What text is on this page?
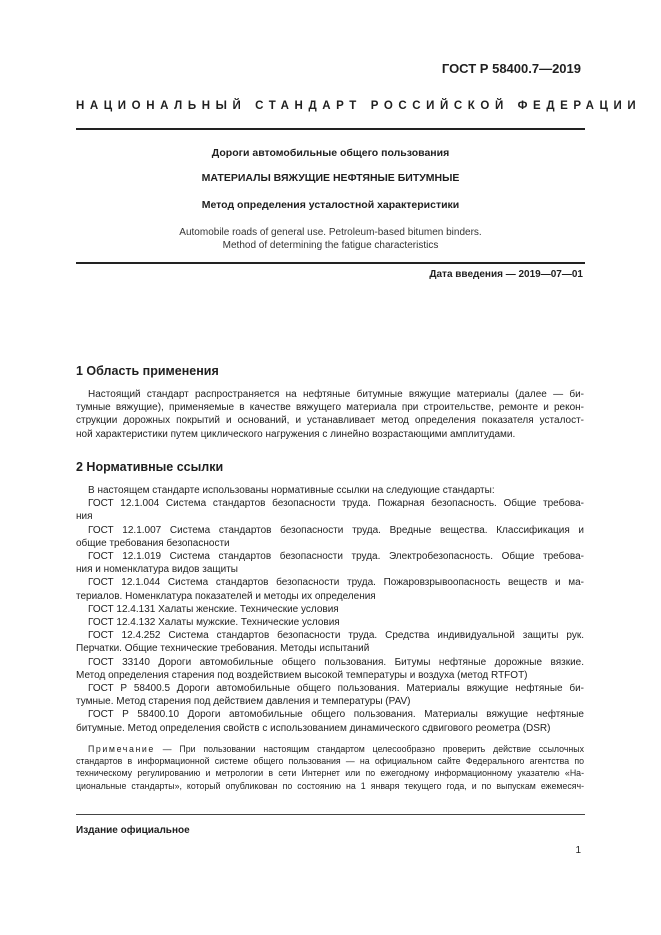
ГОСТ Р 58400.7—2019
НАЦИОНАЛЬНЫЙ СТАНДАРТ РОССИЙСКОЙ ФЕДЕРАЦИИ
Дороги автомобильные общего пользования
МАТЕРИАЛЫ ВЯЖУЩИЕ НЕФТЯНЫЕ БИТУМНЫЕ
Метод определения усталостной характеристики
Automobile roads of general use. Petroleum-based bitumen binders.
Method of determining the fatigue characteristics
Дата введения — 2019—07—01
1 Область применения
Настоящий стандарт распространяется на нефтяные битумные вяжущие материалы (далее — би-
тумные вяжущие), применяемые в качестве вяжущего материала при строительстве, ремонте и рекон-
струкции дорожных покрытий и оснований, и устанавливает метод определения показателя усталост-
ной характеристики путем циклического нагружения с линейно возрастающими амплитудами.
2 Нормативные ссылки
В настоящем стандарте использованы нормативные ссылки на следующие стандарты:
ГОСТ 12.1.004 Система стандартов безопасности труда. Пожарная безопасность. Общие требова-
ния
ГОСТ 12.1.007 Система стандартов безопасности труда. Вредные вещества. Классификация и
общие требования безопасности
ГОСТ 12.1.019 Система стандартов безопасности труда. Электробезопасность. Общие требова-
ния и номенклатура видов защиты
ГОСТ 12.1.044 Система стандартов безопасности труда. Пожаровзрывоопасность веществ и ма-
териалов. Номенклатура показателей и методы их определения
ГОСТ 12.4.131 Халаты женские. Технические условия
ГОСТ 12.4.132 Халаты мужские. Технические условия
ГОСТ 12.4.252 Система стандартов безопасности труда. Средства индивидуальной защиты рук.
Перчатки. Общие технические требования. Методы испытаний
ГОСТ 33140 Дороги автомобильные общего пользования. Битумы нефтяные дорожные вязкие.
Метод определения старения под воздействием высокой температуры и воздуха (метод RTFOT)
ГОСТ Р 58400.5 Дороги автомобильные общего пользования. Материалы вяжущие нефтяные би-
тумные. Метод старения под действием давления и температуры (PAV)
ГОСТ Р 58400.10 Дороги автомобильные общего пользования. Материалы вяжущие нефтяные
битумные. Метод определения свойств с использованием динамического сдвигового реометра (DSR)
Примечание — При пользовании настоящим стандартом целесообразно проверить действие ссылочных
стандартов в информационной системе общего пользования — на официальном сайте Федерального агентства по
техническому регулированию и метрологии в сети Интернет или по ежегодному информационному указателю «На-
циональные стандарты», который опубликован по состоянию на 1 января текущего года, и по выпускам ежемесяч-
Издание официальное
1
